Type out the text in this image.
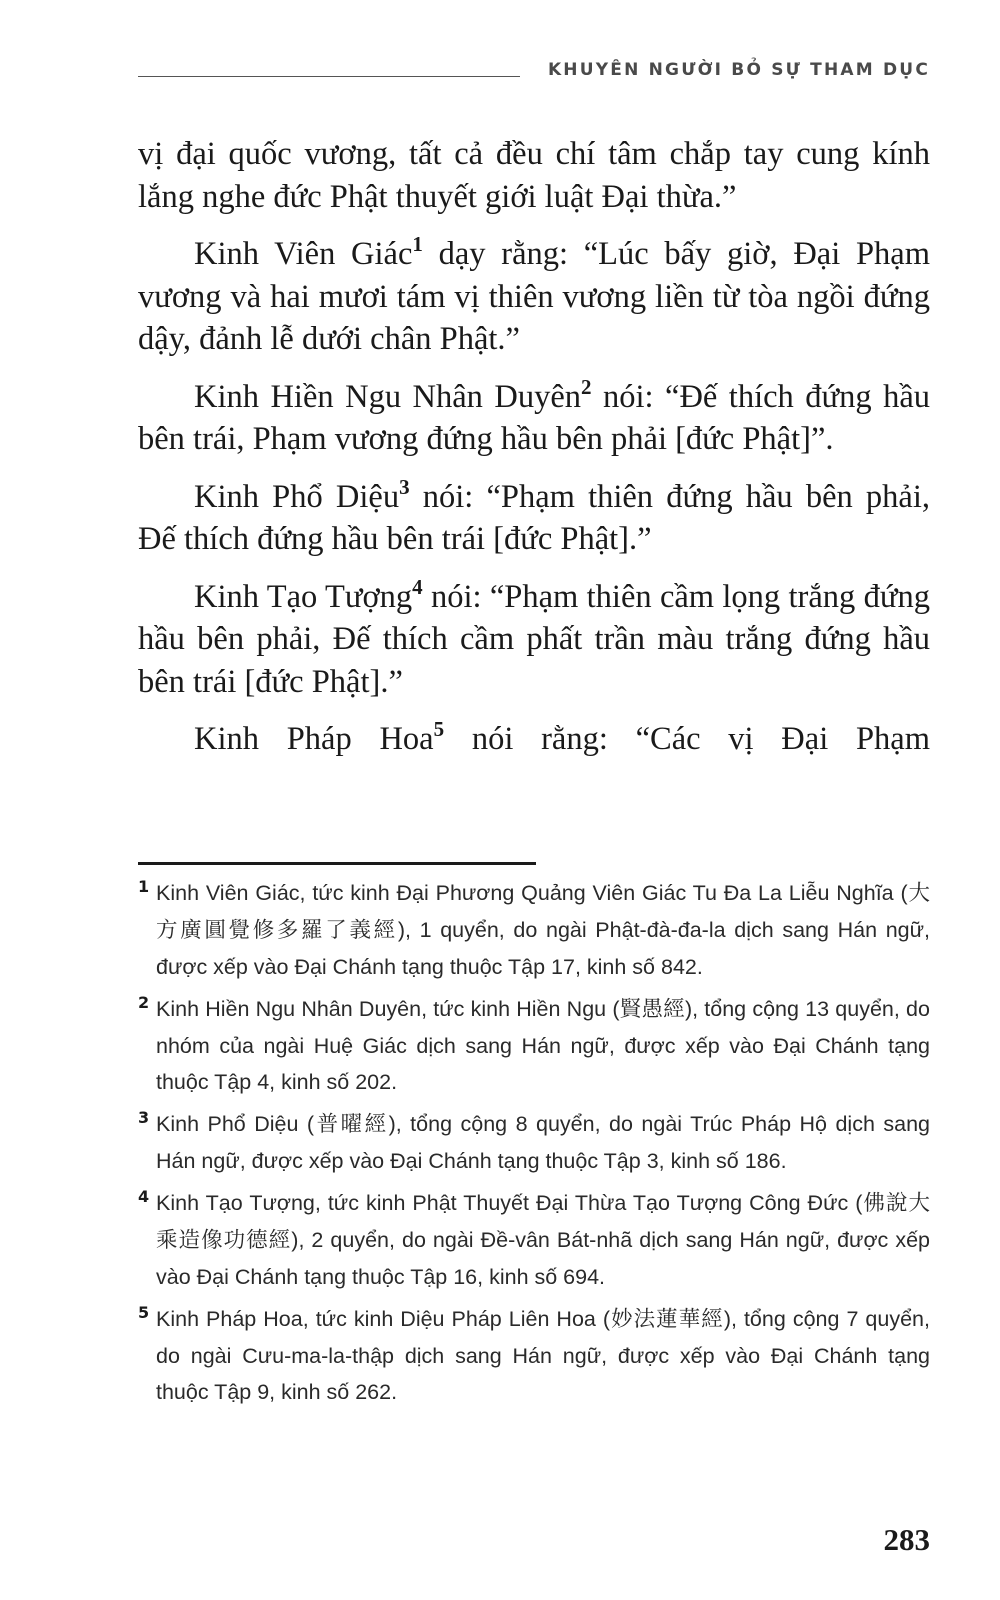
KHUYÊN NGƯỜI BỎ SỰ THAM DỤC

vị đại quốc vương, tất cả đều chí tâm chắp tay cung kính lắng nghe đức Phật thuyết giới luật Đại thừa.”

Kinh Viên Giác$^1$ dạy rằng: “Lúc bấy giờ, Đại Phạm vương và hai mươi tám vị thiên vương liền từ tòa ngồi đứng dậy, đảnh lễ dưới chân Phật.”

Kinh Hiền Ngu Nhân Duyên$^2$ nói: “Đế thích đứng hầu bên trái, Phạm vương đứng hầu bên phải [đức Phật]”.

Kinh Phổ Diệu$^3$ nói: “Phạm thiên đứng hầu bên phải, Đế thích đứng hầu bên trái [đức Phật].”

Kinh Tạo Tượng$^4$ nói: “Phạm thiên cầm lọng trắng đứng hầu bên phải, Đế thích cầm phất trần màu trắng đứng hầu bên trái [đức Phật].”

Kinh Pháp Hoa$^5$ nói rằng: “Các vị Đại Phạm

1 Kinh Viên Giác, tức kinh Đại Phương Quảng Viên Giác Tu Đa La Liễu Nghĩa (大方廣圓覺修多羅了義經), 1 quyển, do ngài Phật-đà-đa-la dịch sang Hán ngữ, được xếp vào Đại Chánh tạng thuộc Tập 17, kinh số 842.
2 Kinh Hiền Ngu Nhân Duyên, tức kinh Hiền Ngu (賢愚經), tổng cộng 13 quyển, do nhóm của ngài Huệ Giác dịch sang Hán ngữ, được xếp vào Đại Chánh tạng thuộc Tập 4, kinh số 202.
3 Kinh Phổ Diệu (普曜經), tổng cộng 8 quyển, do ngài Trúc Pháp Hộ dịch sang Hán ngữ, được xếp vào Đại Chánh tạng thuộc Tập 3, kinh số 186.
4 Kinh Tạo Tượng, tức kinh Phật Thuyết Đại Thừa Tạo Tượng Công Đức (佛說大乘造像功德經), 2 quyển, do ngài Đề-vân Bát-nhã dịch sang Hán ngữ, được xếp vào Đại Chánh tạng thuộc Tập 16, kinh số 694.
5 Kinh Pháp Hoa, tức kinh Diệu Pháp Liên Hoa (妙法蓮華經), tổng cộng 7 quyển, do ngài Cưu-ma-la-thập dịch sang Hán ngữ, được xếp vào Đại Chánh tạng thuộc Tập 9, kinh số 262.
283
